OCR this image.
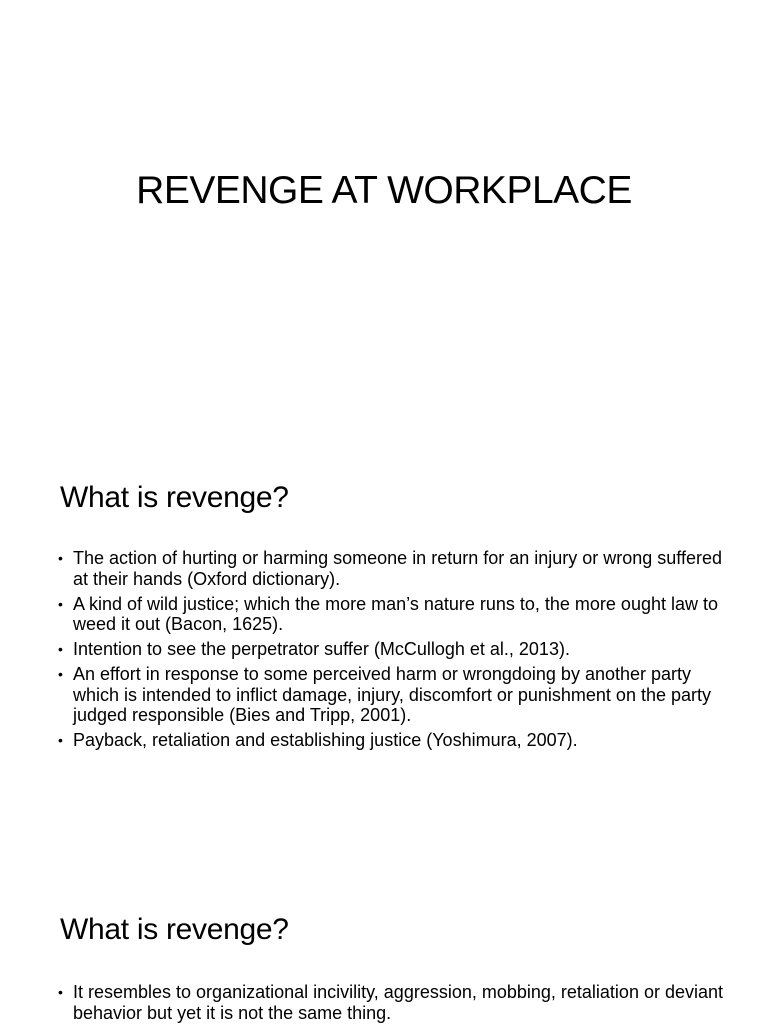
REVENGE AT WORKPLACE
What is revenge?
• The action of hurting or harming someone in return for an injury or wrong suffered at their hands (Oxford dictionary).
• A kind of wild justice; which the more man’s nature runs to, the more ought law to weed it out (Bacon, 1625).
• Intention to see the perpetrator suffer (McCullogh et al., 2013).
• An effort in response to some perceived harm or wrongdoing by another party which is intended to inflict damage, injury, discomfort or punishment on the party judged responsible (Bies and Tripp, 2001).
• Payback, retaliation and establishing justice (Yoshimura, 2007).
What is revenge?
• It resembles to organizational incivility, aggression, mobbing, retaliation or deviant behavior but yet it is not the same thing.
